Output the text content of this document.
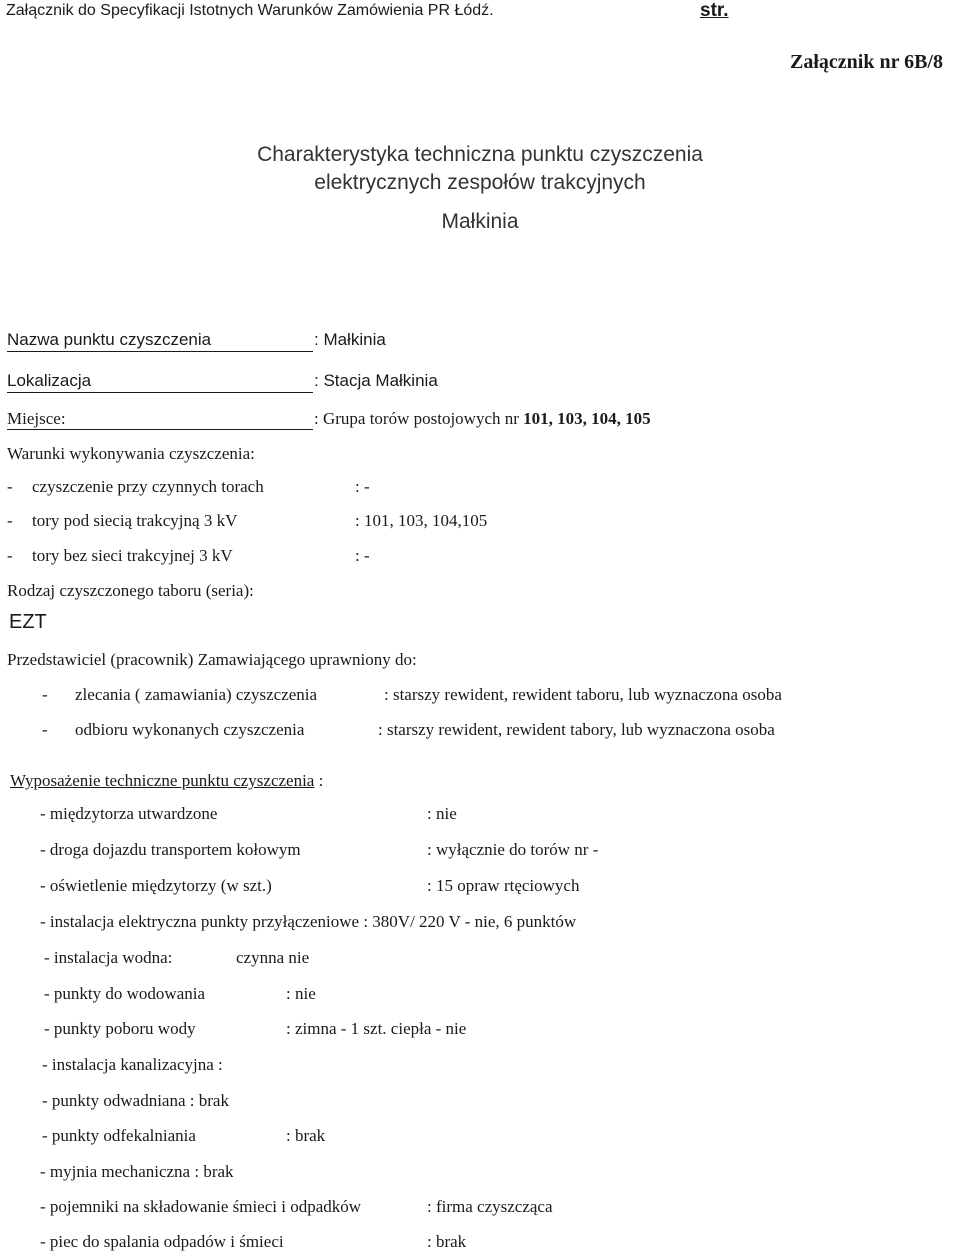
Załącznik do Specyfikacji Istotnych Warunków Zamówienia PR Łódź.	str.
Załącznik nr 6B/8
Charakterystyka techniczna punktu czyszczenia
elektrycznych zespołów trakcyjnych
Małkinia
Nazwa punktu czyszczenia	: Małkinia
Lokalizacja	: Stacja Małkinia
Miejsce:	: Grupa torów postojowych nr 101, 103, 104, 105
Warunki wykonywania czyszczenia:
- czyszczenie przy czynnych torach	: -
- tory pod siecią trakcyjną 3 kV	: 101, 103, 104,105
- tory bez sieci trakcyjnej 3 kV	: -
Rodzaj czyszczonego taboru (seria):
EZT
Przedstawiciel (pracownik) Zamawiającego uprawniony do:
- zlecania ( zamawiania) czyszczenia	: starszy rewident, rewident taboru, lub wyznaczona osoba
- odbioru wykonanych czyszczenia	: starszy rewident, rewident tabory, lub wyznaczona osoba
Wyposażenie techniczne punktu czyszczenia :
- międzytorza utwardzone	: nie
- droga dojazdu transportem kołowym	: wyłącznie do torów nr -
- oświetlenie międzytorzy (w szt.)	: 15 opraw rtęciowych
- instalacja elektryczna punkty przyłączeniowe : 380V/ 220 V - nie, 6 punktów
- instalacja wodna:	czynna nie
- punkty do wodowania	: nie
- punkty poboru wody	: zimna - 1 szt. ciepła - nie
- instalacja kanalizacyjna :
- punkty odwadniana : brak
- punkty odfekalniania	: brak
- myjnia mechaniczna : brak
- pojemniki na składowanie śmieci i odpadków	: firma czyszcząca
- piec do spalania odpadów i śmieci	: brak
